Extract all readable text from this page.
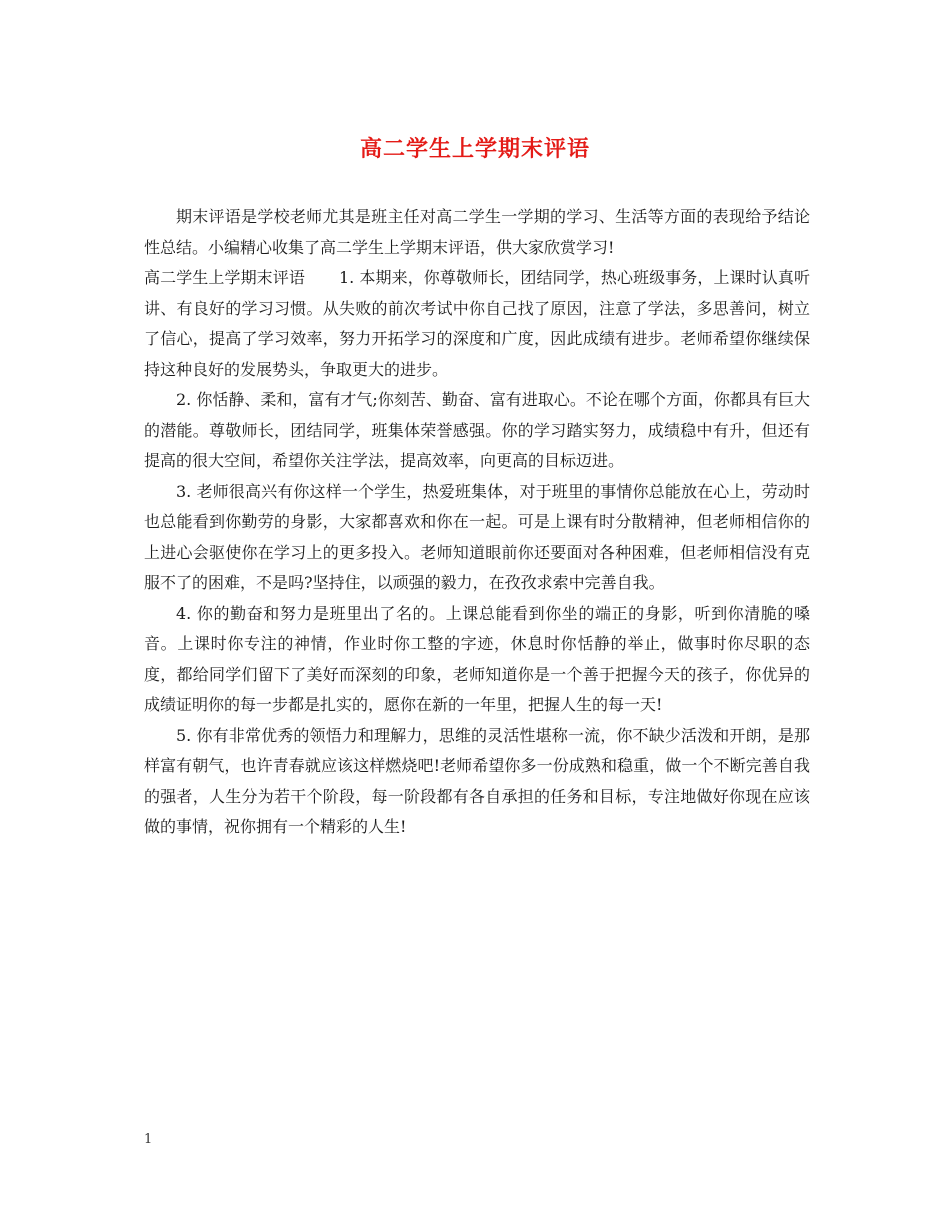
高二学生上学期末评语

期末评语是学校老师尤其是班主任对高二学生一学期的学习、生活等方面的表现给予结论性总结。小编精心收集了高二学生上学期末评语，供大家欣赏学习!

高二学生上学期末评语 1. 本期来，你尊敬师长，团结同学，热心班级事务，上课时认真听讲、有良好的学习习惯。从失败的前次考试中你自己找了原因，注意了学法，多思善问，树立了信心，提高了学习效率，努力开拓学习的深度和广度，因此成绩有进步。老师希望你继续保持这种良好的发展势头，争取更大的进步。

2. 你恬静、柔和，富有才气;你刻苦、勤奋、富有进取心。不论在哪个方面，你都具有巨大的潜能。尊敬师长，团结同学，班集体荣誉感强。你的学习踏实努力，成绩稳中有升，但还有提高的很大空间，希望你关注学法，提高效率，向更高的目标迈进。

3. 老师很高兴有你这样一个学生，热爱班集体，对于班里的事情你总能放在心上，劳动时也总能看到你勤劳的身影，大家都喜欢和你在一起。可是上课有时分散精神，但老师相信你的上进心会驱使你在学习上的更多投入。老师知道眼前你还要面对各种困难，但老师相信没有克服不了的困难，不是吗?坚持住，以顽强的毅力，在孜孜求索中完善自我。

4. 你的勤奋和努力是班里出了名的。上课总能看到你坐的端正的身影，听到你清脆的嗓音。上课时你专注的神情，作业时你工整的字迹，休息时你恬静的举止，做事时你尽职的态度，都给同学们留下了美好而深刻的印象，老师知道你是一个善于把握今天的孩子，你优异的成绩证明你的每一步都是扎实的，愿你在新的一年里，把握人生的每一天!

5. 你有非常优秀的领悟力和理解力，思维的灵活性堪称一流，你不缺少活泼和开朗，是那样富有朝气，也许青春就应该这样燃烧吧!老师希望你多一份成熟和稳重，做一个不断完善自我的强者，人生分为若干个阶段，每一阶段都有各自承担的任务和目标，专注地做好你现在应该做的事情，祝你拥有一个精彩的人生!

1
